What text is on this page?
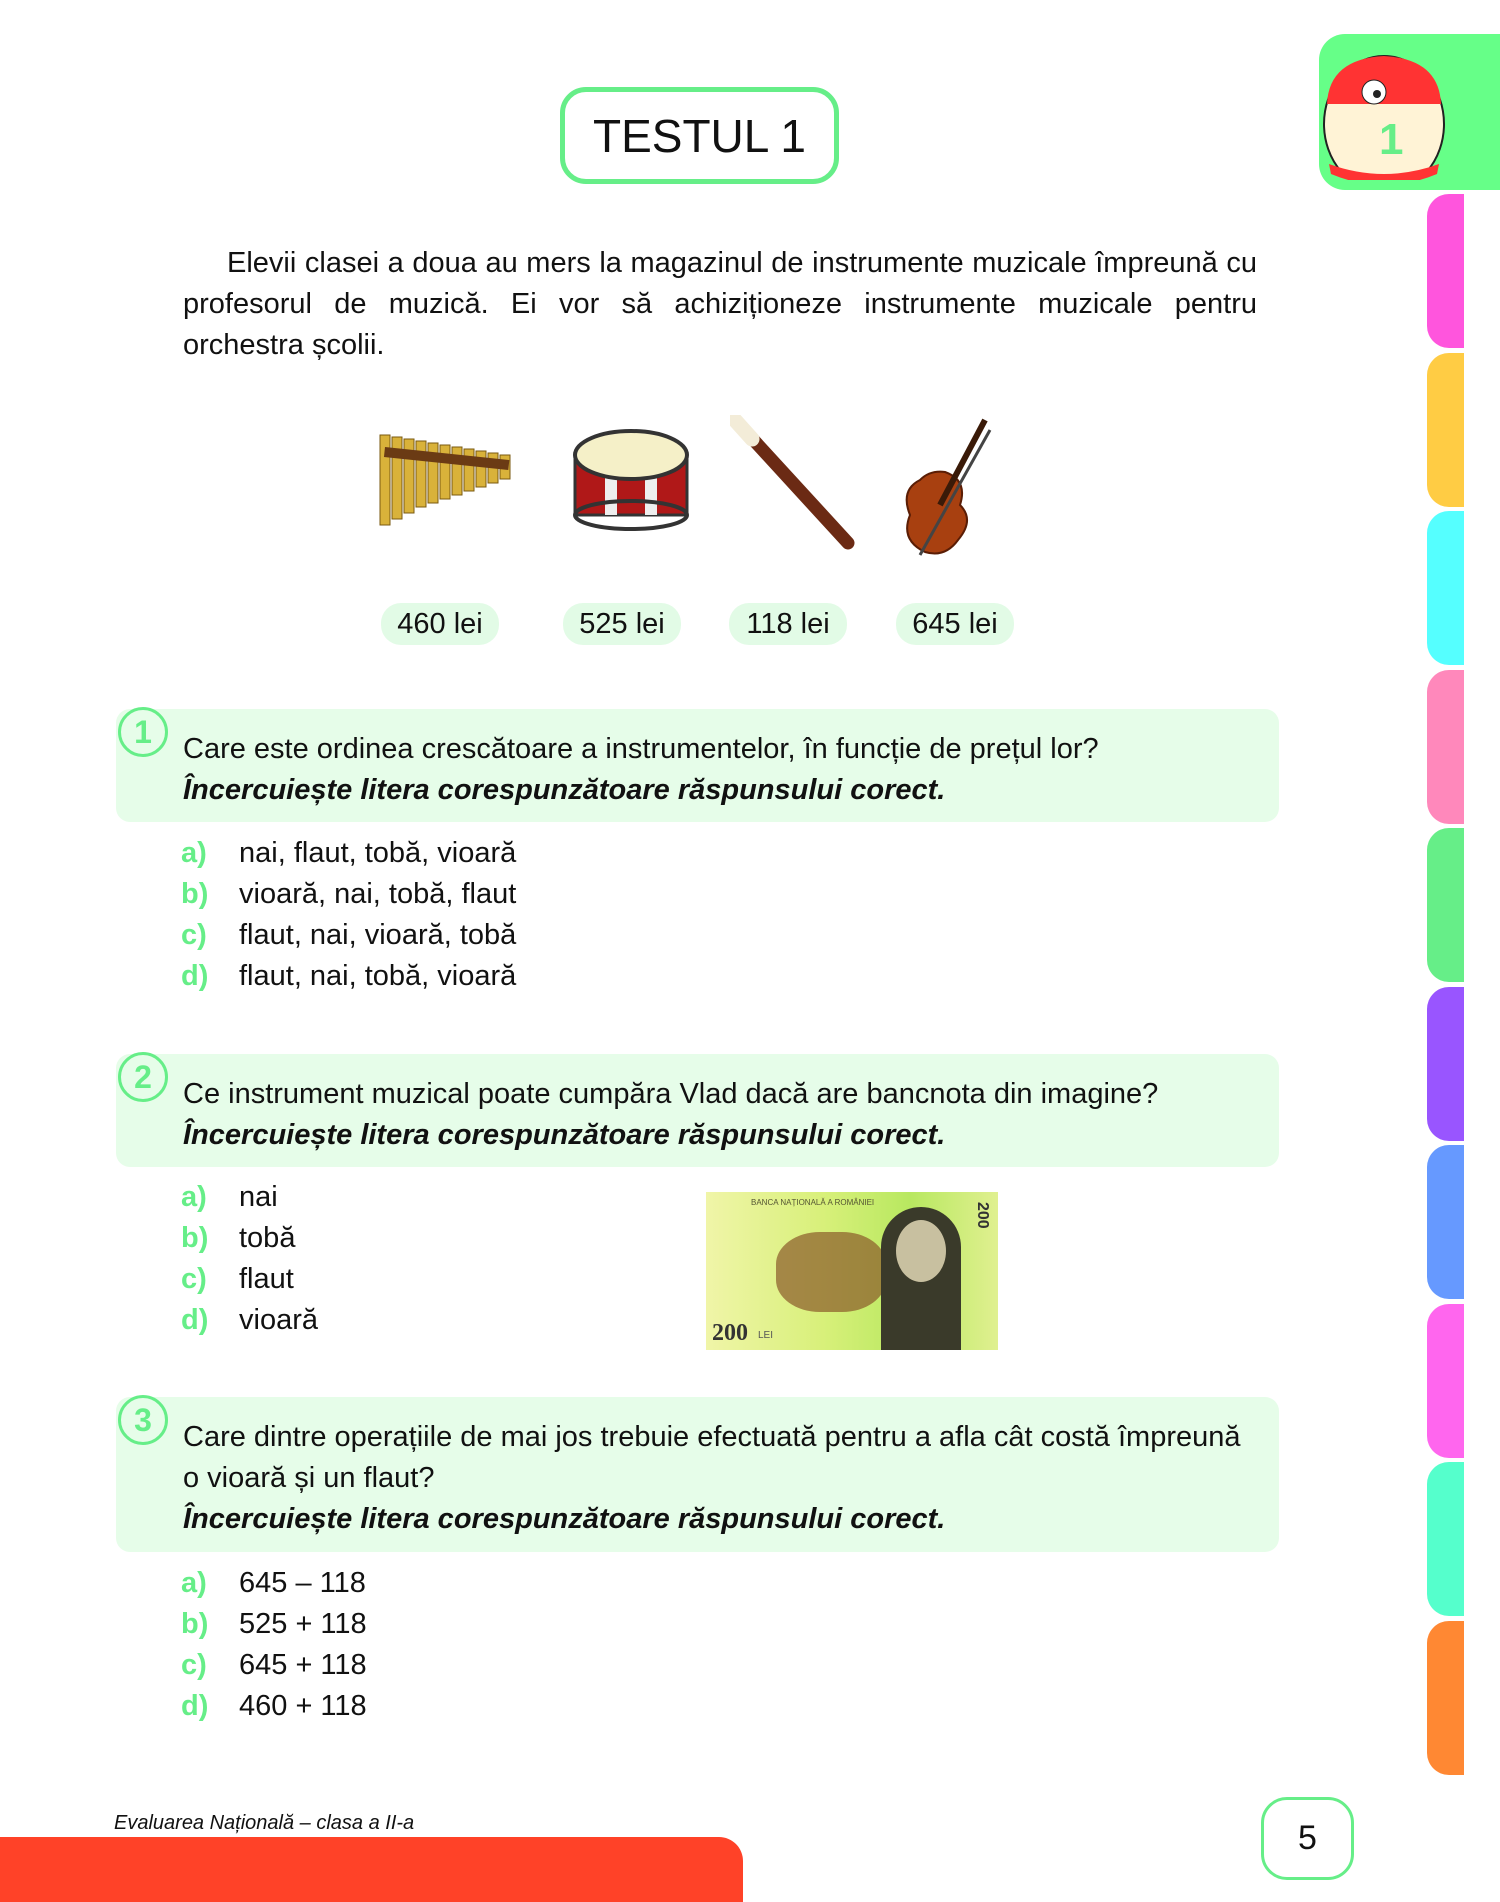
TESTUL 1	1
Elevii clasei a doua au mers la magazinul de instrumente muzicale împreună cu profesorul de muzică. Ei vor să achiziționeze instrumente muzicale pentru orchestra școlii.
460 lei	525 lei	118 lei	645 lei
1	Care este ordinea crescătoare a instrumentelor, în funcție de prețul lor?
Încercuiește litera corespunzătoare răspunsului corect.
a)	nai, flaut, tobă, vioară
b)	vioară, nai, tobă, flaut
c)	flaut, nai, vioară, tobă
d)	flaut, nai, tobă, vioară
2	Ce instrument muzical poate cumpăra Vlad dacă are bancnota din imagine?
Încercuiește litera corespunzătoare răspunsului corect.
a)	nai
b)	tobă
c)	flaut
d)	vioară
BANCA NAȚIONALĂ A ROMÂNIEI	200
200 LEI
3	Care dintre operațiile de mai jos trebuie efectuată pentru a afla cât costă împreună o vioară și un flaut?
Încercuiește litera corespunzătoare răspunsului corect.
a)	645 – 118
b)	525 + 118
c)	645 + 118
d)	460 + 118
Evaluarea Națională – clasa a II-a	5
